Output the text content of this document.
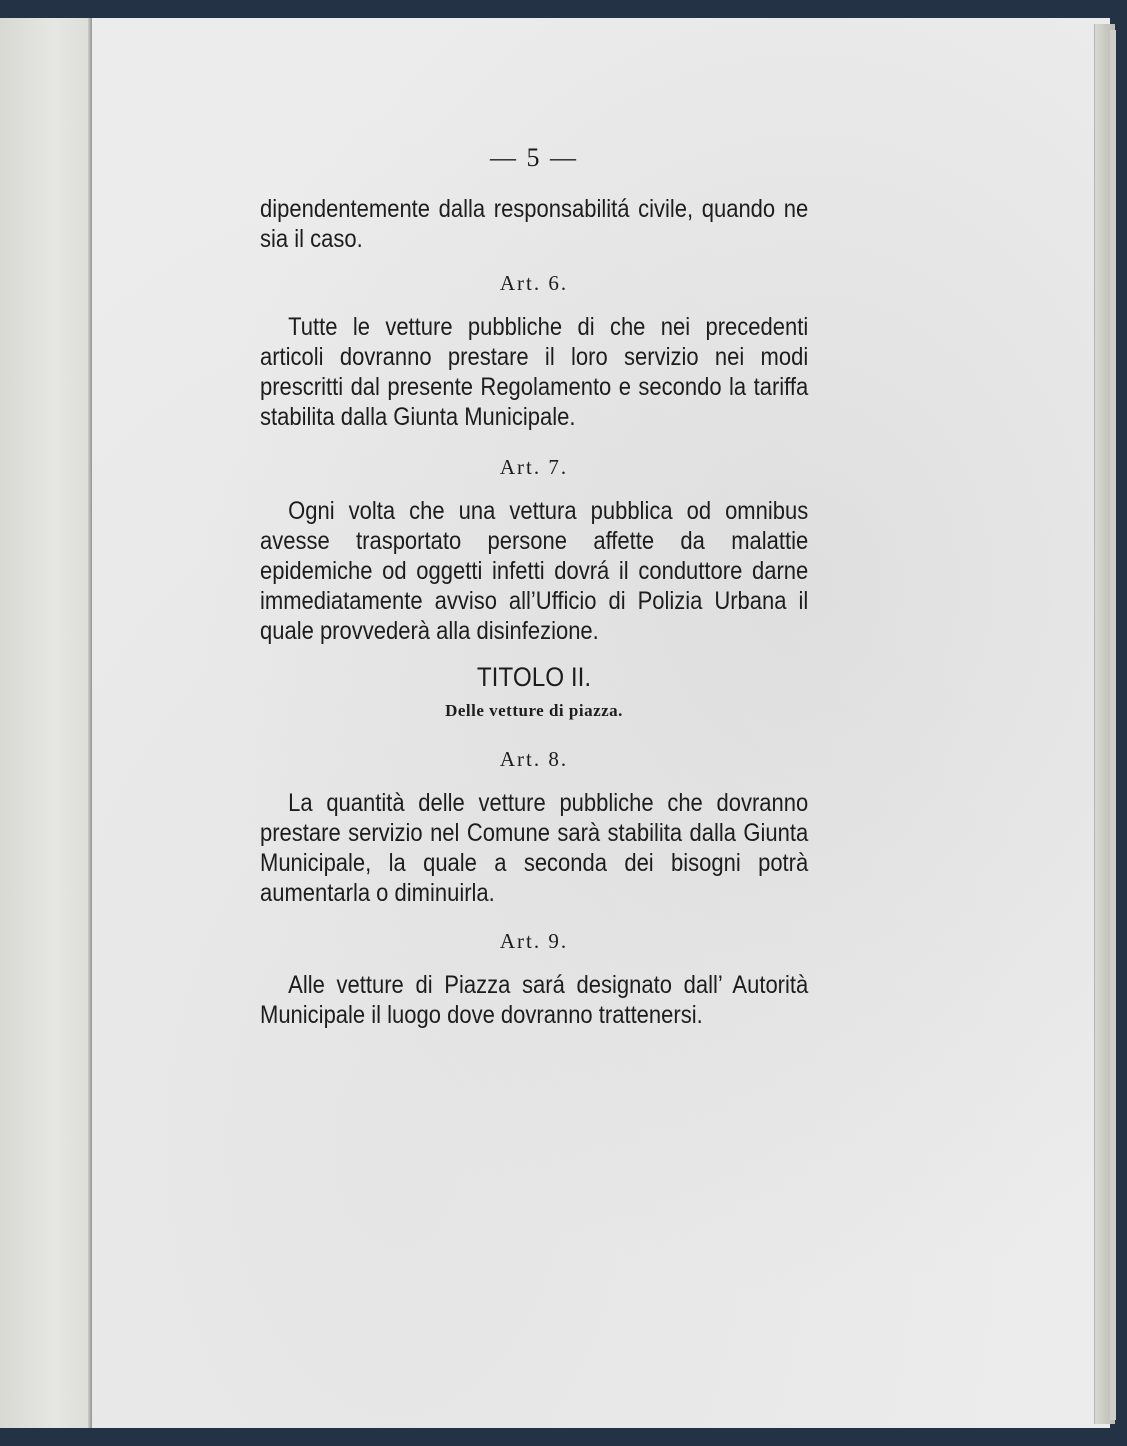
— 5 —
dipendentemente dalla responsabilitá civile, quando ne sia il caso.
Art. 6.
Tutte le vetture pubbliche di che nei precedenti articoli dovranno prestare il loro servizio nei modi prescritti dal presente Regolamento e secondo la tariffa stabilita dalla Giunta Municipale.
Art. 7.
Ogni volta che una vettura pubblica od omnibus avesse trasportato persone affette da malattie epidemiche od oggetti infetti dovrá il conduttore darne immediatamente avviso all’Ufficio di Polizia Urbana il quale provvederà alla disinfezione.
TITOLO II.
Delle vetture di piazza.
Art. 8.
La quantità delle vetture pubbliche che dovranno prestare servizio nel Comune sarà stabilita dalla Giunta Municipale, la quale a seconda dei bisogni potrà aumentarla o diminuirla.
Art. 9.
Alle vetture di Piazza sará designato dall’ Autorità Municipale il luogo dove dovranno trattenersi.
